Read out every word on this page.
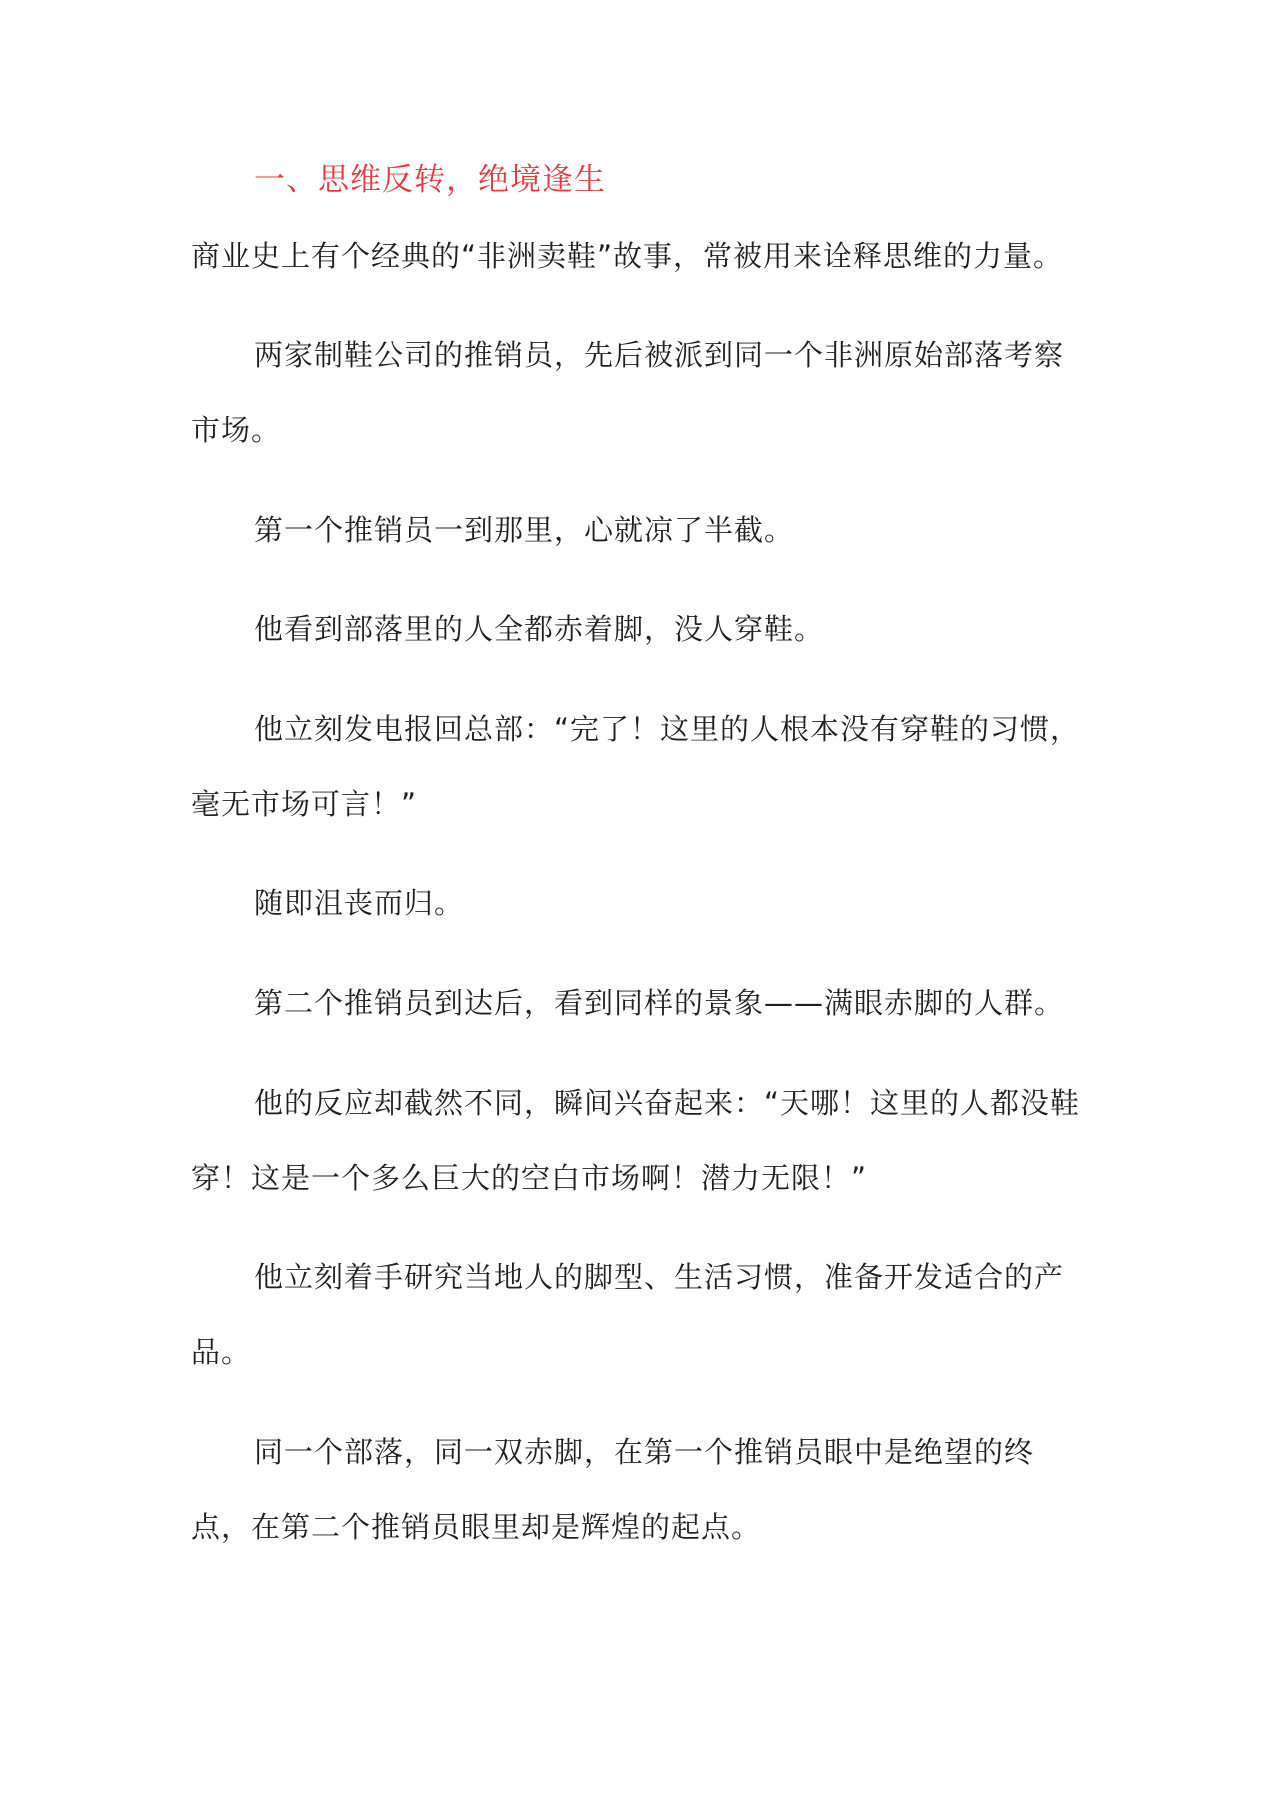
一、思维反转，绝境逢生

商业史上有个经典的“非洲卖鞋”故事，常被用来诠释思维的力量。

两家制鞋公司的推销员，先后被派到同一个非洲原始部落考察市场。

第一个推销员一到那里，心就凉了半截。

他看到部落里的人全都赤着脚，没人穿鞋。

他立刻发电报回总部：“完了！这里的人根本没有穿鞋的习惯，毫无市场可言！”

随即沮丧而归。

第二个推销员到达后，看到同样的景象——满眼赤脚的人群。

他的反应却截然不同，瞬间兴奋起来：“天哪！这里的人都没鞋穿！这是一个多么巨大的空白市场啊！潜力无限！”

他立刻着手研究当地人的脚型、生活习惯，准备开发适合的产品。

同一个部落，同一双赤脚，在第一个推销员眼中是绝望的终点，在第二个推销员眼里却是辉煌的起点。
